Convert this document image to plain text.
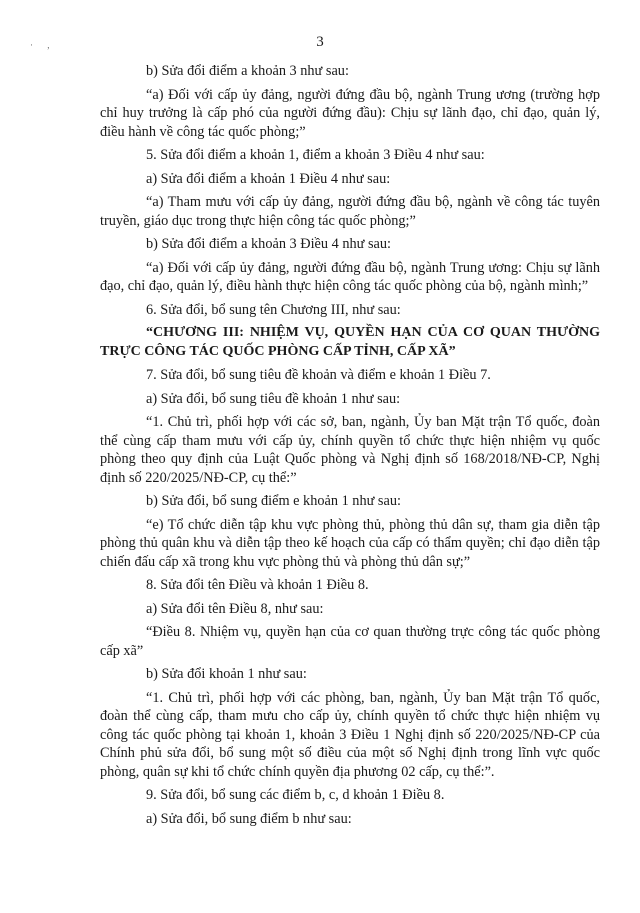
· ,	3

b) Sửa đổi điểm a khoản 3 như sau:

“a) Đối với cấp ủy đảng, người đứng đầu bộ, ngành Trung ương (trường hợp chỉ huy trưởng là cấp phó của người đứng đầu): Chịu sự lãnh đạo, chỉ đạo, quản lý, điều hành về công tác quốc phòng;”

5. Sửa đổi điểm a khoản 1, điểm a khoản 3 Điều 4 như sau:

a) Sửa đổi điểm a khoản 1 Điều 4 như sau:

“a) Tham mưu với cấp ủy đảng, người đứng đầu bộ, ngành về công tác tuyên truyền, giáo dục trong thực hiện công tác quốc phòng;”

b) Sửa đổi điểm a khoản 3 Điều 4 như sau:

“a) Đối với cấp ủy đảng, người đứng đầu bộ, ngành Trung ương: Chịu sự lãnh đạo, chỉ đạo, quản lý, điều hành thực hiện công tác quốc phòng của bộ, ngành mình;”

6. Sửa đổi, bổ sung tên Chương III, như sau:

“CHƯƠNG III: NHIỆM VỤ, QUYỀN HẠN CỦA CƠ QUAN THƯỜNG TRỰC CÔNG TÁC QUỐC PHÒNG CẤP TỈNH, CẤP XÃ”

7. Sửa đổi, bổ sung tiêu đề khoản và điểm e khoản 1 Điều 7.

a) Sửa đổi, bổ sung tiêu đề khoản 1 như sau:

“1. Chủ trì, phối hợp với các sở, ban, ngành, Ủy ban Mặt trận Tổ quốc, đoàn thể cùng cấp tham mưu với cấp ủy, chính quyền tổ chức thực hiện nhiệm vụ quốc phòng theo quy định của Luật Quốc phòng và Nghị định số 168/2018/NĐ-CP, Nghị định số 220/2025/NĐ-CP, cụ thể:”

b) Sửa đổi, bổ sung điểm e khoản 1 như sau:

“e) Tổ chức diễn tập khu vực phòng thủ, phòng thủ dân sự, tham gia diễn tập phòng thủ quân khu và diễn tập theo kế hoạch của cấp có thẩm quyền; chỉ đạo diễn tập chiến đấu cấp xã trong khu vực phòng thủ và phòng thủ dân sự;”

8. Sửa đổi tên Điều và khoản 1 Điều 8.

a) Sửa đổi tên Điều 8, như sau:

“Điều 8. Nhiệm vụ, quyền hạn của cơ quan thường trực công tác quốc phòng cấp xã”

b) Sửa đổi khoản 1 như sau:

“1. Chủ trì, phối hợp với các phòng, ban, ngành, Ủy ban Mặt trận Tổ quốc, đoàn thể cùng cấp, tham mưu cho cấp ủy, chính quyền tổ chức thực hiện nhiệm vụ công tác quốc phòng tại khoản 1, khoản 3 Điều 1 Nghị định số 220/2025/NĐ-CP của Chính phủ sửa đổi, bổ sung một số điều của một số Nghị định trong lĩnh vực quốc phòng, quân sự khi tổ chức chính quyền địa phương 02 cấp, cụ thể:”.

9. Sửa đổi, bổ sung các điểm b, c, d khoản 1 Điều 8.

a) Sửa đổi, bổ sung điểm b như sau:
